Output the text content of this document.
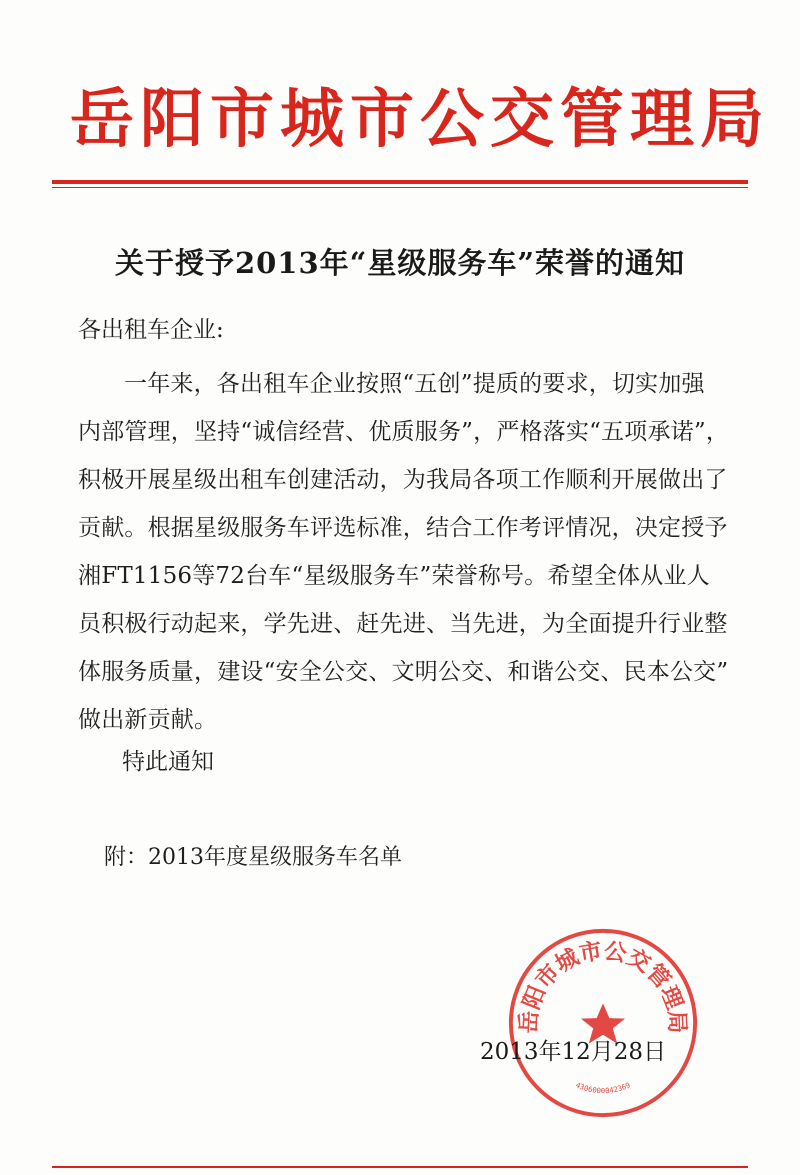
岳阳市城市公交管理局
关于授予2013年“星级服务车”荣誉的通知
各出租车企业:
一年来，各出租车企业按照“五创”提质的要求，切实加强
内部管理，坚持“诚信经营、优质服务”，严格落实“五项承诺”，
积极开展星级出租车创建活动，为我局各项工作顺利开展做出了
贡献。根据星级服务车评选标准，结合工作考评情况，决定授予
湘FT1156等72台车“星级服务车”荣誉称号。希望全体从业人
员积极行动起来，学先进、赶先进、当先进，为全面提升行业整
体服务质量，建设“安全公交、文明公交、和谐公交、民本公交”
做出新贡献。
特此通知
附：2013年度星级服务车名单
岳阳市城市公交管理局
4306000042369
2013年12月28日
